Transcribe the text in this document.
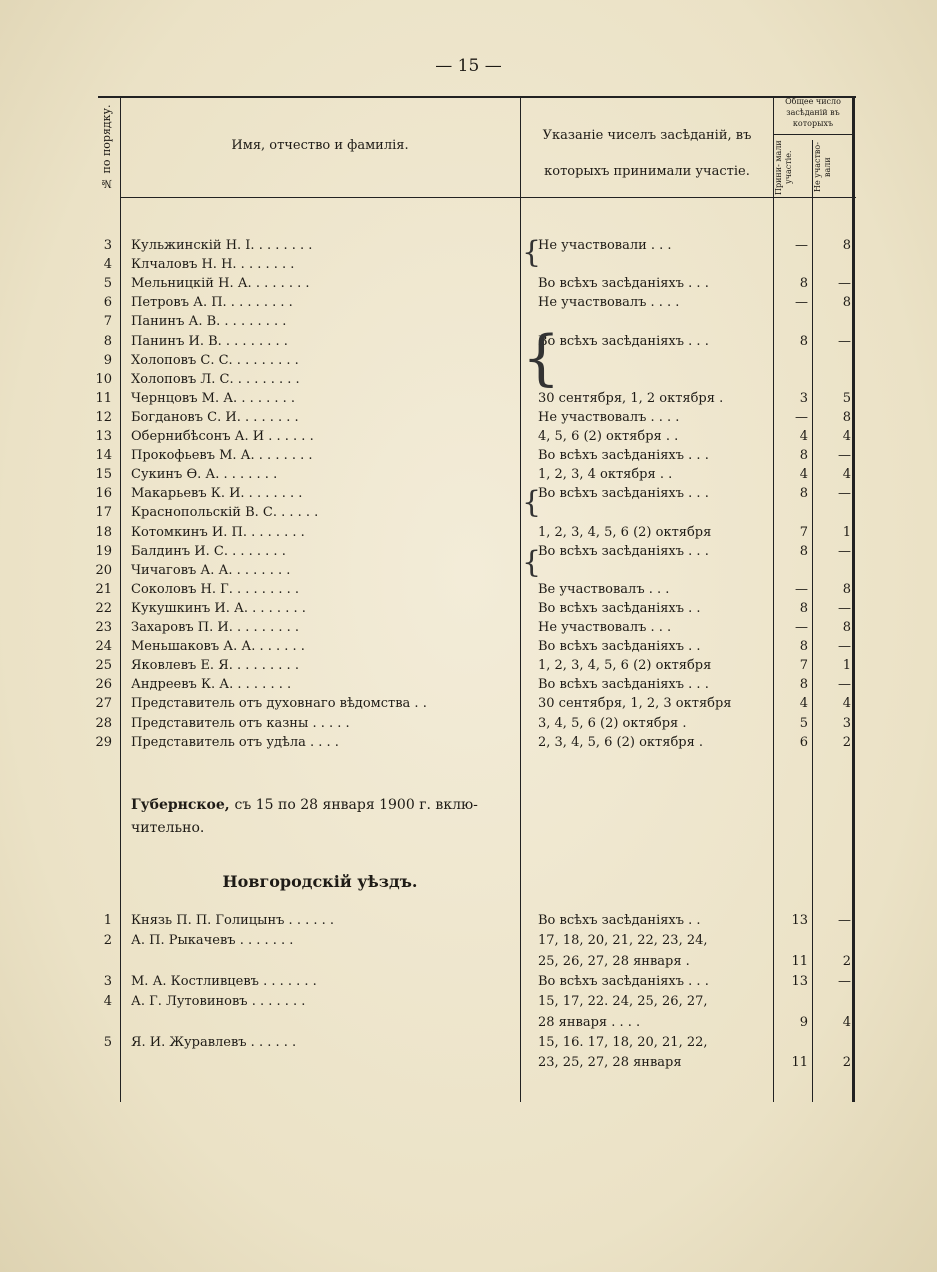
— 15 —
№ по порядку.	Имя, отчество и фамилія.
Указаніе чиселъ засѣданій, въ
которыхъ принимали участіе.
Общее число засѣданій въ которыхъ
Прини- мали участіе.	Не участво- вали
3 Кульжинскій Н. I. . . . . . . .	Не участвовали . . .	—	8
4 Клчаловъ Н. Н. . . . . . . .
5 Мельницкій Н. А. . . . . . . .	Во всѣхъ засѣданіяхъ . . .	8	—
6 Петровъ А. П. . . . . . . . .	Не участвовалъ . . . .	—	8
7 Панинъ А. В. . . . . . . . .
8 Панинъ И. В. . . . . . . . .	Во всѣхъ засѣданіяхъ . . .	8	—
9 Холоповъ С. С. . . . . . . . .
10 Холоповъ Л. С. . . . . . . . .
11 Чернцовъ М. А. . . . . . . .	30 сентября, 1, 2 октября .	3	5
12 Богдановъ С. И. . . . . . . .	Не участвовалъ . . . .	—	8
13 Обернибѣсонъ А. И . . . . . .	4, 5, 6 (2) октября . .	4	4
14 Прокофьевъ М. А. . . . . . . .	Во всѣхъ засѣданіяхъ . . .	8	—
15 Сукинъ Ѳ. А. . . . . . . .	1, 2, 3, 4 октября . .	4	4
16 Макарьевъ К. И. . . . . . . .	Во всѣхъ засѣданіяхъ . . .	8	—
17 Краснопольскій В. С. . . . . .
18 Котомкинъ И. П. . . . . . . .	1, 2, 3, 4, 5, 6 (2) октября	7	1
19 Балдинъ И. С. . . . . . . .	Во всѣхъ засѣданіяхъ . . .	8	—
20 Чичаговъ А. А. . . . . . . .
21 Соколовъ Н. Г. . . . . . . . .	Ве участвовалъ . . .	—	8
22 Кукушкинъ И. А. . . . . . . .	Во всѣхъ засѣданіяхъ . .	8	—
23 Захаровъ П. И. . . . . . . . .	Не участвовалъ . . .	—	8
24 Меньшаковъ А. А. . . . . . .	Во всѣхъ засѣданіяхъ . .	8	—
25 Яковлевъ Е. Я. . . . . . . . .	1, 2, 3, 4, 5, 6 (2) октября	7	1
26 Андреевъ К. А. . . . . . . .	Во всѣхъ засѣданіяхъ . . .	8	—
27 Представитель отъ духовнаго вѣдомства . .	30 сентября, 1, 2, 3 октября	4	4
28 Представитель отъ казны . . . . .	3, 4, 5, 6 (2) октября .	5	3
29 Представитель отъ удѣла . . . .	2, 3, 4, 5, 6 (2) октября .	6	2
{
{
{
{
Губернское, съ 15 по 28 января 1900 г. вклю-
чительно.
Новгородскій уѣздъ.
1 Князь П. П. Голицынъ . . . . . .	Во всѣхъ засѣданіяхъ . .	13	—
2 А. П. Рыкачевъ . . . . . . .	17, 18, 20, 21, 22, 23, 24,
25, 26, 27, 28 января .	11	2
3 М. А. Костливцевъ . . . . . . .	Во всѣхъ засѣданіяхъ . . .	13	—
4 А. Г. Лутовиновъ . . . . . . .	15, 17, 22. 24, 25, 26, 27,
28 января . . . .	9	4
5 Я. И. Журавлевъ . . . . . .	15, 16. 17, 18, 20, 21, 22,
23, 25, 27, 28 января	11	2
